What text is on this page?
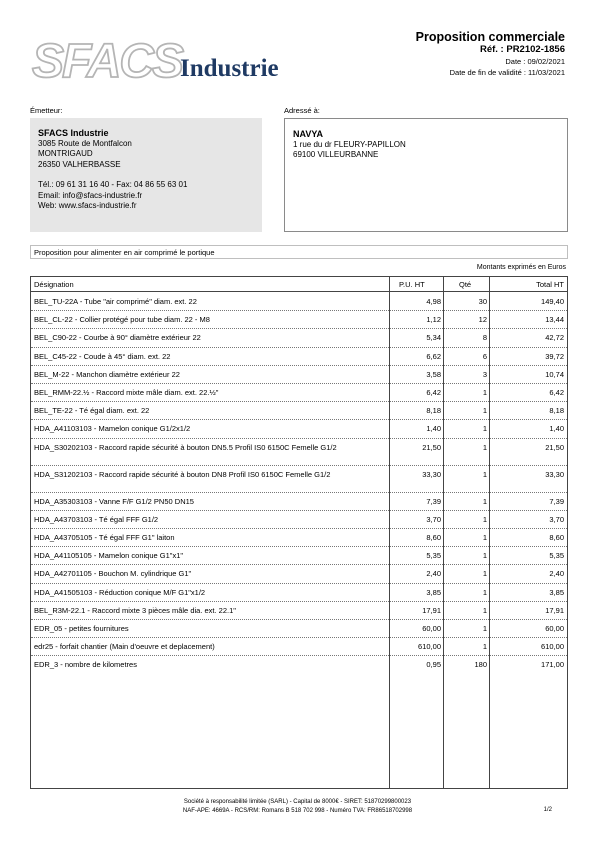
SFACS
Industrie
Proposition commerciale
Réf. : PR2102-1856
Date : 09/02/2021
Date de fin de validité : 11/03/2021
Émetteur:	Adressé à:
SFACS Industrie
3085 Route de Montfalcon
MONTRIGAUD
26350 VALHERBASSE
Tél.: 09 61 31 16 40 - Fax: 04 86 55 63 01
Email: info@sfacs-industrie.fr
Web: www.sfacs-industrie.fr
NAVYA
1 rue du dr FLEURY-PAPILLON
69100 VILLEURBANNE
Proposition pour alimenter en air comprimé le portique
Montants exprimés en Euros
Désignation	P.U. HT	Qté	Total HT
BEL_TU-22A - Tube "air comprimé" diam. ext. 22	4,98	30	149,40
BEL_CL-22 - Collier protégé pour tube diam. 22 - M8	1,12	12	13,44
BEL_C90-22 - Courbe à 90° diamètre extérieur 22	5,34	8	42,72
BEL_C45-22 - Coude à 45° diam. ext. 22	6,62	6	39,72
BEL_M-22 - Manchon diamètre extérieur 22	3,58	3	10,74
BEL_RMM-22.½ - Raccord mixte mâle diam. ext. 22.½"	6,42	1	6,42
BEL_TE-22 - Té égal diam. ext. 22	8,18	1	8,18
HDA_A41103103 - Mamelon conique G1/2x1/2	1,40	1	1,40
HDA_S30202103 - Raccord rapide sécurité à bouton DN5.5 Profil IS0 6150C Femelle G1/2	21,50	1	21,50
HDA_S31202103 - Raccord rapide sécurité à bouton DN8 Profil IS0 6150C Femelle G1/2	33,30	1	33,30
HDA_A35303103 - Vanne F/F G1/2 PN50 DN15	7,39	1	7,39
HDA_A43703103 - Té égal FFF G1/2	3,70	1	3,70
HDA_A43705105 - Té égal FFF G1" laiton	8,60	1	8,60
HDA_A41105105 - Mamelon conique G1"x1"	5,35	1	5,35
HDA_A42701105 - Bouchon M. cylindrique G1"	2,40	1	2,40
HDA_A41505103 - Réduction conique M/F G1"x1/2	3,85	1	3,85
BEL_R3M-22.1 - Raccord mixte 3 pièces mâle dia. ext. 22.1"	17,91	1	17,91
EDR_05 - petites fournitures	60,00	1	60,00
edr25 - forfait chantier (Main d'oeuvre et deplacement)	610,00	1	610,00
EDR_3 - nombre de kilometres	0,95	180	171,00
Société à responsabilité limitée (SARL) - Capital de 8000€ - SIRET: 51870299800023
NAF-APE: 4669A - RCS/RM: Romans B 518 702 998 - Numéro TVA: FR86518702998	1/2
